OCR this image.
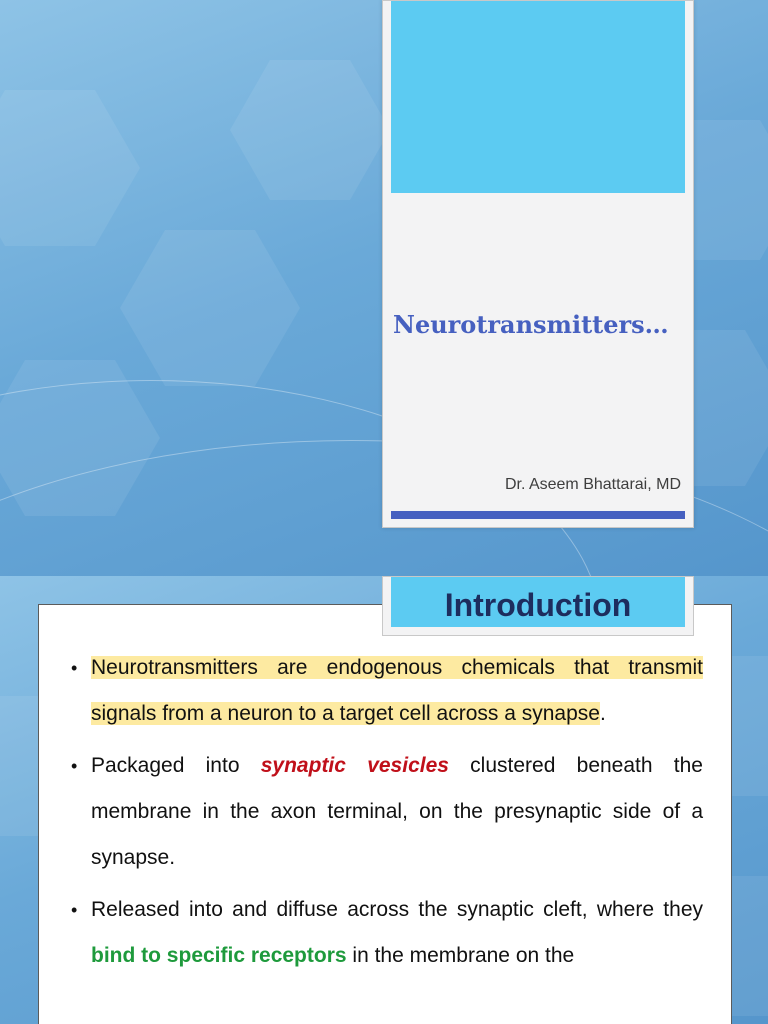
Neurotransmitters…
Dr. Aseem Bhattarai, MD
Introduction
• Neurotransmitters are endogenous chemicals that transmit signals from a neuron to a target cell across a synapse.
• Packaged into synaptic vesicles clustered beneath the membrane in the axon terminal, on the presynaptic side of a synapse.
• Released into and diffuse across the synaptic cleft, where they bind to specific receptors in the membrane on the
